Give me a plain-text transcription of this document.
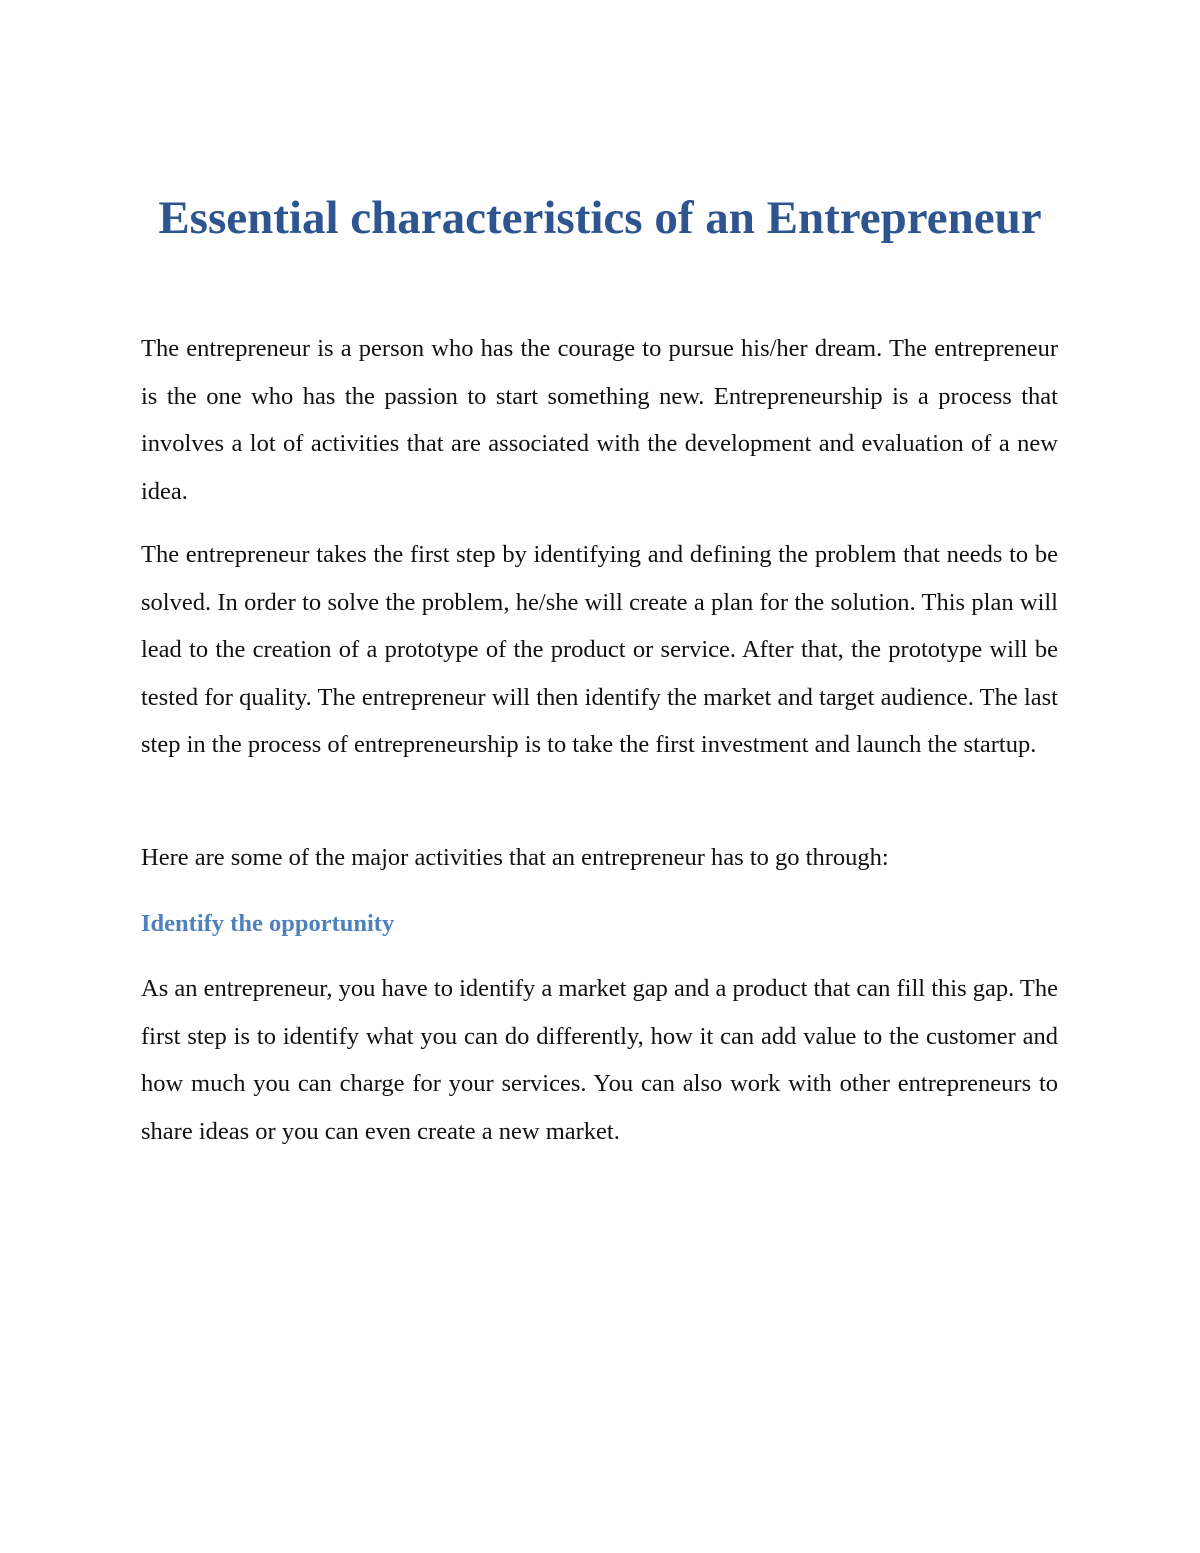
Essential characteristics of an Entrepreneur

The entrepreneur is a person who has the courage to pursue his/her dream. The entrepreneur is the one who has the passion to start something new. Entrepreneurship is a process that involves a lot of activities that are associated with the development and evaluation of a new idea.

The entrepreneur takes the first step by identifying and defining the problem that needs to be solved. In order to solve the problem, he/she will create a plan for the solution. This plan will lead to the creation of a prototype of the product or service. After that, the prototype will be tested for quality. The entrepreneur will then identify the market and target audience. The last step in the process of entrepreneurship is to take the first investment and launch the startup.

Here are some of the major activities that an entrepreneur has to go through:

Identify the opportunity

As an entrepreneur, you have to identify a market gap and a product that can fill this gap. The first step is to identify what you can do differently, how it can add value to the customer and how much you can charge for your services. You can also work with other entrepreneurs to share ideas or you can even create a new market.
